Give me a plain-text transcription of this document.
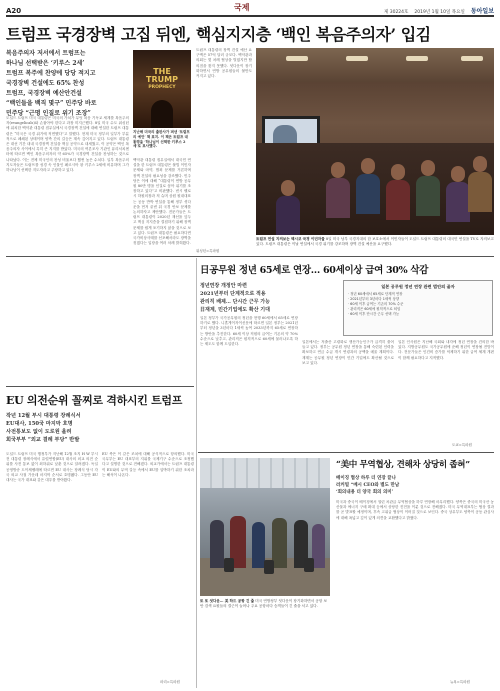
A20	국제
제 30224호 2019년 1월 10일 목요일 동아일보
트럼프 국경장벽 고집 뒤엔, 핵심지지층 ‘백인 복음주의자’ 입김
복음주의자 저서에서 트럼프는
하나님 선택받은 ‘키루스 2세’
트럼프 복주에 찬양에 당당 적지고
국경장벽 건설에도 65% 찬성
트럼프, 국경장벽 예산안건설
“백인들을 백직 몇구” 민주당 바로
민주당 “근명 인질로 위기 조장”
THE
TRUMP
PROPHECY
지난해 미국의 출판사가 펴낸 ‘트럼프의 예언’ 책 표지. 이 책은 트럼프 대통령을 ‘하나님이 선택한 키루스 2세’로 묘사했다.
백악관 대통령 집무실에서 대국민 연설을 한 트럼프 대통령은 불법 이민자 문제와 마약, 범죄 문제를 거론하며 장벽 건설의 필요성을 강조했다. 민주당은 이에 대해 “대통령이 연방 공무원 80만 명을 인질로 삼아 위기를 조장하고 있다”고 비판했다. 낸시 펠로시 하원의장과 척 슈머 상원 원내대표는 공동 반박 연설을 통해 정부 셧다운을 먼저 끝낸 뒤 국경 안보 문제를 논의하자고 제안했다. 전문가들은 트럼프 대통령이 2020년 재선을 앞두고 핵심 지지층을 결집하기 위해 장벽 문제를 쉽게 포기하지 않을 것으로 보고 있다. 트럼프 대통령은 필요하다면 국가비상사태를 선포해서라도 장벽을 짓겠다는 입장을 여러 차례 밝혀왔다.
도널드 트럼프 미국 대통령은 미국의 가치가 무엇 복음 기독교 세계를 복음주의자(evangelicals)와 손잡아야 한다고 과장 미지근했다. 8일 미국 수도 워싱턴에 위치한 백악관 대통령 집무실에서 국경장벽 건설에 대해 연설한 트럼프 대통령은 “미국은 국경 위기에 직면했다”고 말했다. 현재 미국 정부의 일부가 부분적으로 폐쇄된 상태이며 양측 간의 갈등은 계속 깊어지고 있다. 트럼프 대통령은 대선 기간 내내 국경장벽 건설을 핵심 공약으로 내세웠고, 이 공약은 백인 복음주의자 사이에서 특히 큰 지지를 받았다. 미국의 여론조사 기관인 퓨리서치센터에 따르면 백인 복음주의자의 약 65%가 국경장벽 건설을 찬성하는 것으로 나타났다. 이는 전체 미국인의 찬성 비율보다 훨씬 높은 수치다. 일부 복음주의 지도자들은 트럼프를 성경 속 인물인 페르시아 왕 키루스 2세에 비유하며 그가 하나님이 선택한 지도자라고 주장하고 있다.
트럼프 대통령의 장벽 건설 예산 요구액은 57억 달러 규모다. 백악관과 의회는 몇 차례 협상을 벌였지만 합의점을 찾지 못했다. 셧다운이 장기화하면서 연방 공무원들의 불만도 커지고 있다.
트럼프 연설 지켜보는 멕시코 국경 이민자들 8일 미국 남부 국경지대의 한 보호소에서 이민자들이 도널드 트럼프 대통령의 대국민 연설을 TV로 지켜보고 있다. 트럼프 대통령은 이날 연설에서 국경 위기를 강조하며 장벽 건설 예산을 요구했다.
워싱턴=특파원
日공무원 정년 65세로 연장… 60세이상 급여 30% 삭감
정년연장 개정안 마련
2021년부터 단계적으로 적용
관리직 배제… 단시간 근무 가능
日재계, 민간기업에도 확산 기대
일본 공무원 정년 연장 관련 법안의 골자
· 정년 60세에서 65세로 단계적 연장
· 2021년부터 3년마다 1세씩 상향
· 60세 이후 급여는 기존의 70% 수준
· 관리직은 60세에 원칙적으로 퇴임
· 60세 이후 단시간 근무 선택 가능
일본 정부가 국가공무원의 정년을 현행 60세에서 65세로 연장하기로 했다. 니혼게이자이신문에 따르면 일본 정부는 2021년부터 정년을 3년마다 1세씩 높여 2033년까지 65세로 연장하는 방안을 추진한다. 60세 이상 직원의 급여는 기존의 약 70% 수준으로 낮추고, 관리직은 원칙적으로 60세에 물러나도록 하는 제도도 함께 도입한다.
일본에서는 저출산 고령화로 생산가능인구가 급격히 줄어들고 있다. 정부는 공무원 정년 연장을 통해 숙련된 인력을 확보하고 연금 수급 개시 연령과의 공백을 메울 계획이다. 재계는 공무원 정년 연장이 민간 기업에도 확산될 것으로 보고 있다.
일본 인사원은 지난해 국회와 내각에 정년 연장을 건의한 바 있다. 지방공무원도 국가공무원에 준해 정년이 연장될 전망이다. 전문가들은 인건비 증가를 억제하기 위한 급여 체계 개편이 함께 필요하다고 지적했다.
도쿄=특파원
EU 의전순위 꼴찌로 격하시킨 트럼프
작년 12월 부시 대통령 장례식서
EU대사, 150국 마지막 호명
사전통보도 없이 도로원 올려
회국부부 “외교 결례 부당” 반발
도널드 트럼프 미국 행정부가 지난해 12월 조지 H W 부시 전 대통령 장례식에서 유럽연합(EU) 대사의 외교 의전 순위를 사전 통보 없이 최하위로 낮춘 것으로 알려졌다. 독일 공영방송 도이체벨레에 따르면 EU 대사는 장례식 당시 각국 외교 사절 가운데 마지막 순서로 호명됐다. 그동안 EU 대사는 국가 대표와 같은 대우를 받아왔다.
EU 측은 이 같은 조치에 대해 공식적으로 항의했다. 미국 국무부는 EU 대표부의 지위를 국제기구 수준으로 조정했다고 설명한 것으로 전해졌다. 외교가에서는 트럼프 대통령이 EU와의 무역 갈등 속에서 EU를 압박하기 위한 조치라는 해석이 나온다.
파리=특파원
또 또 셧다운… 美 하드 공항 긴 줄 미국 연방정부 셧다운이 장기화하면서 공항 보안 검색 요원들의 결근이 늘어나 주요 공항마다 승객들이 긴 줄을 서고 있다.
“美中 무역협상, 견해차 상당히 좁혀”
베이징 협상 하루 더 연장 끝나
러커빌 “메시 CEO와 별도 만남
‘회의내용 더 양국 회의 의미’
미국과 중국이 베이징에서 열린 차관급 무역협상을 하루 연장해 마무리했다. 양측은 중국의 미국산 농산물과 에너지 구매 확대 등에서 상당한 진전을 이룬 것으로 전해졌다. 미국 무역대표부는 협상 결과를 곧 발표할 예정이며, 후속 고위급 협상이 이어질 것으로 보인다. 중국 상무부도 양측이 공동 관심사에 대해 폭넓고 깊이 있게 의견을 교환했다고 밝혔다.
뉴욕=특파원
